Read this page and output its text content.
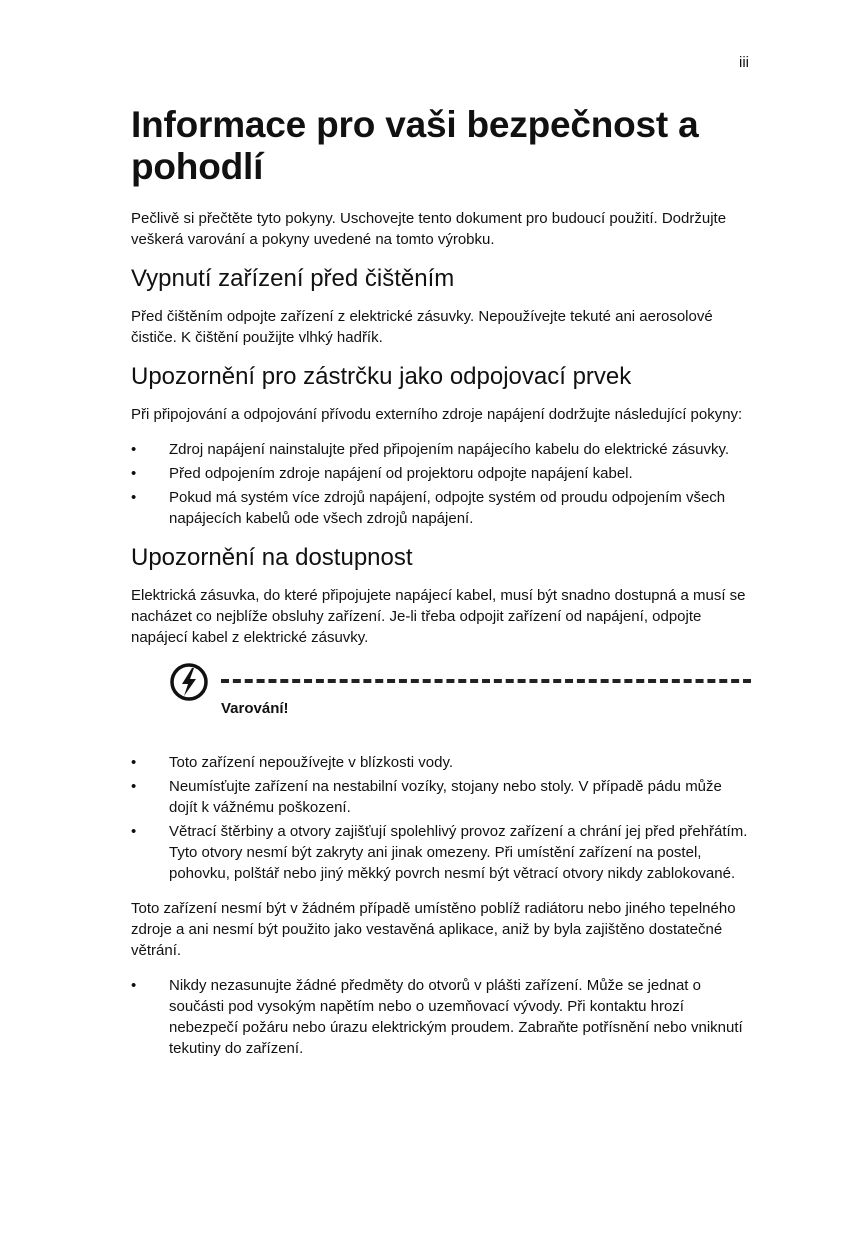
iii
Informace pro vaši bezpečnost a pohodlí

Pečlivě si přečtěte tyto pokyny. Uschovejte tento dokument pro budoucí použití. Dodržujte veškerá varování a pokyny uvedené na tomto výrobku.

Vypnutí zařízení před čištěním

Před čištěním odpojte zařízení z elektrické zásuvky. Nepoužívejte tekuté ani aerosolové čističe. K čištění použijte vlhký hadřík.

Upozornění pro zástrčku jako odpojovací prvek

Při připojování a odpojování přívodu externího zdroje napájení dodržujte následující pokyny:

• Zdroj napájení nainstalujte před připojením napájecího kabelu do elektrické zásuvky.
• Před odpojením zdroje napájení od projektoru odpojte napájení kabel.
• Pokud má systém více zdrojů napájení, odpojte systém od proudu odpojením všech napájecích kabelů ode všech zdrojů napájení.
Upozornění na dostupnost

Elektrická zásuvka, do které připojujete napájecí kabel, musí být snadno dostupná a musí se nacházet co nejblíže obsluhy zařízení. Je-li třeba odpojit zařízení od napájení, odpojte napájecí kabel z elektrické zásuvky.

Varování!
• Toto zařízení nepoužívejte v blízkosti vody.
• Neumísťujte zařízení na nestabilní vozíky, stojany nebo stoly. V případě pádu může dojít k vážnému poškození.
• Větrací štěrbiny a otvory zajišťují spolehlivý provoz zařízení a chrání jej před přehřátím. Tyto otvory nesmí být zakryty ani jinak omezeny. Při umístění zařízení na postel, pohovku, polštář nebo jiný měkký povrch nesmí být větrací otvory nikdy zablokované.

Toto zařízení nesmí být v žádném případě umístěno poblíž radiátoru nebo jiného tepelného zdroje a ani nesmí být použito jako vestavěná aplikace, aniž by byla zajištěno dostatečné větrání.

• Nikdy nezasunujte žádné předměty do otvorů v plášti zařízení. Může se jednat o součásti pod vysokým napětím nebo o uzemňovací vývody. Při kontaktu hrozí nebezpečí požáru nebo úrazu elektrickým proudem. Zabraňte potřísnění nebo vniknutí tekutiny do zařízení.
